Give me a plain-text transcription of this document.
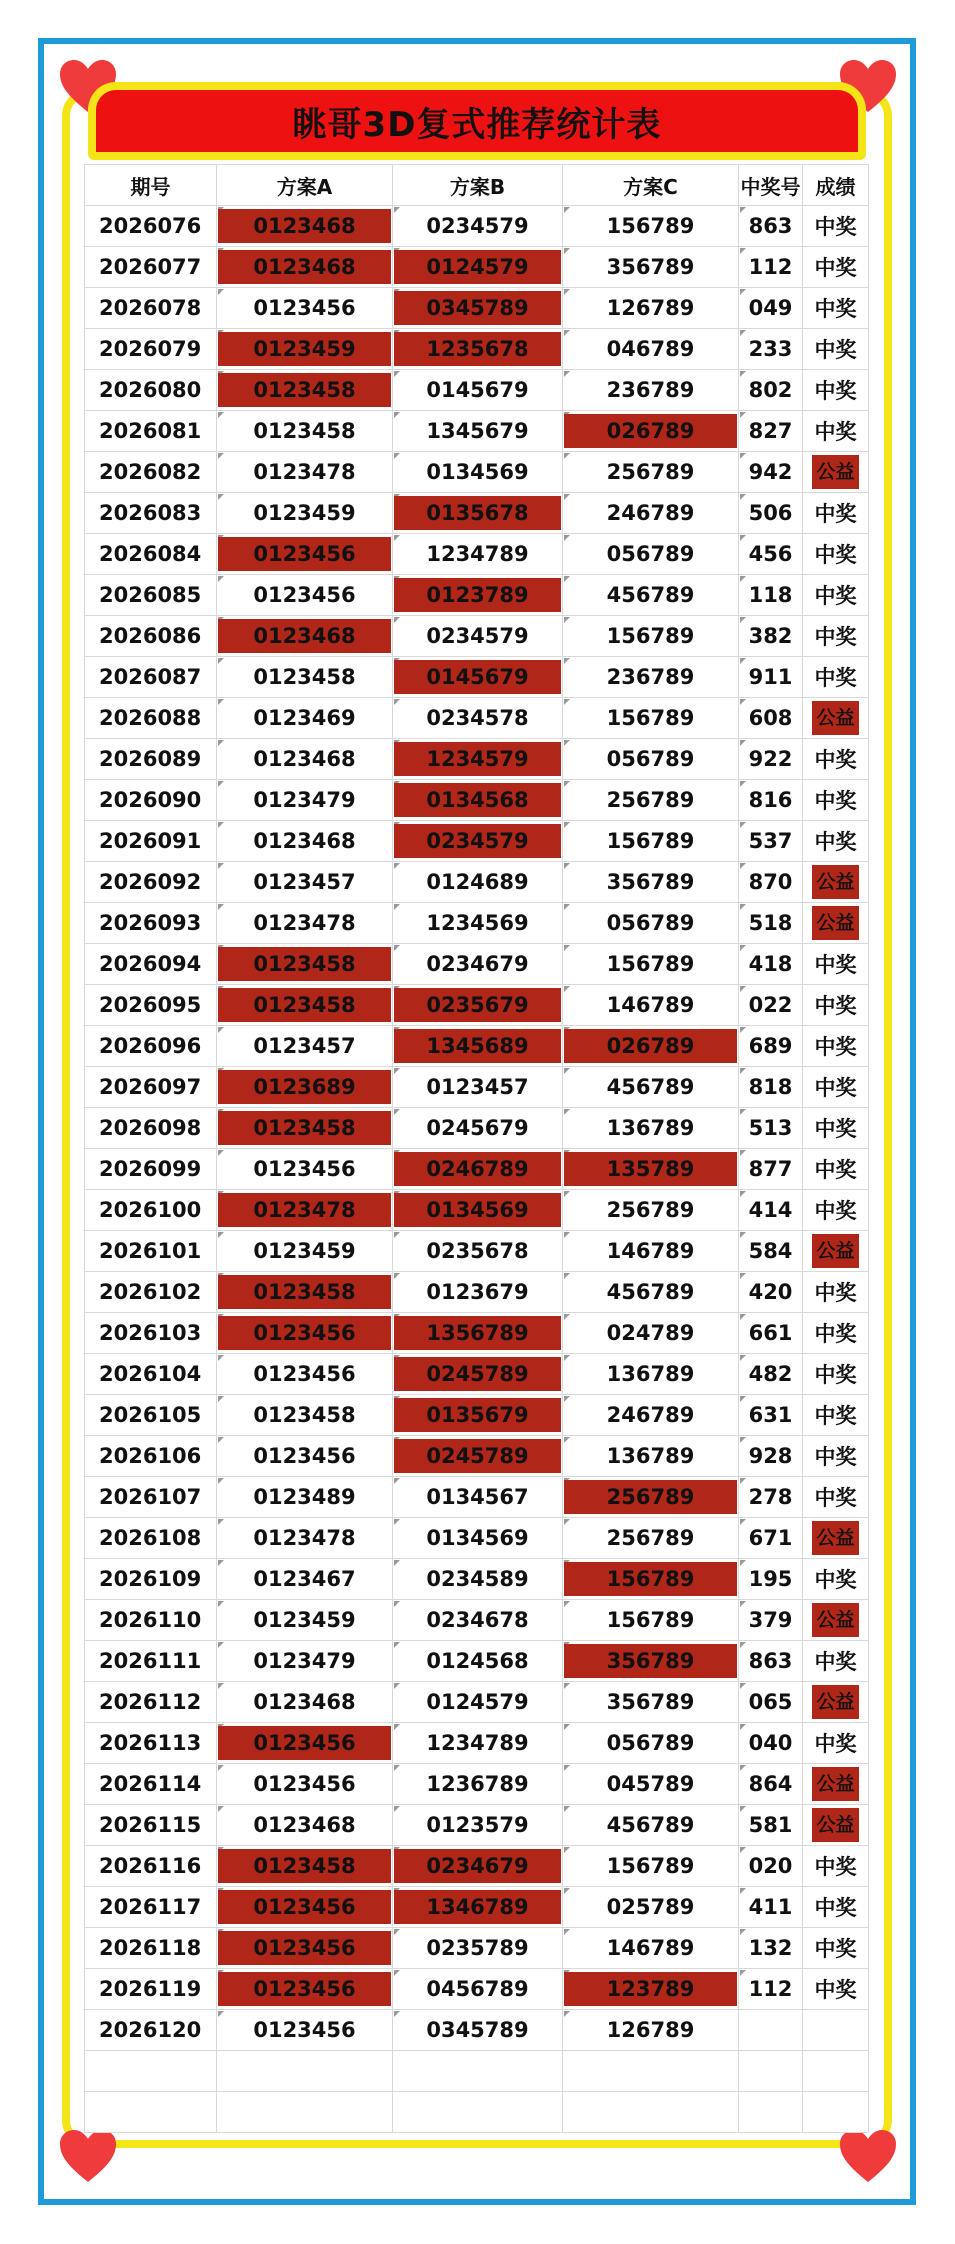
眺哥3D复式推荐统计表
期号	方案A	方案B	方案C	中奖号	成绩
2026076	0123468	0234579	156789	863	中奖
2026077	0123468	0124579	356789	112	中奖
2026078	0123456	0345789	126789	049	中奖
2026079	0123459	1235678	046789	233	中奖
2026080	0123458	0145679	236789	802	中奖
2026081	0123458	1345679	026789	827	中奖
2026082	0123478	0134569	256789	942	公益
2026083	0123459	0135678	246789	506	中奖
2026084	0123456	1234789	056789	456	中奖
2026085	0123456	0123789	456789	118	中奖
2026086	0123468	0234579	156789	382	中奖
2026087	0123458	0145679	236789	911	中奖
2026088	0123469	0234578	156789	608	公益
2026089	0123468	1234579	056789	922	中奖
2026090	0123479	0134568	256789	816	中奖
2026091	0123468	0234579	156789	537	中奖
2026092	0123457	0124689	356789	870	公益
2026093	0123478	1234569	056789	518	公益
2026094	0123458	0234679	156789	418	中奖
2026095	0123458	0235679	146789	022	中奖
2026096	0123457	1345689	026789	689	中奖
2026097	0123689	0123457	456789	818	中奖
2026098	0123458	0245679	136789	513	中奖
2026099	0123456	0246789	135789	877	中奖
2026100	0123478	0134569	256789	414	中奖
2026101	0123459	0235678	146789	584	公益
2026102	0123458	0123679	456789	420	中奖
2026103	0123456	1356789	024789	661	中奖
2026104	0123456	0245789	136789	482	中奖
2026105	0123458	0135679	246789	631	中奖
2026106	0123456	0245789	136789	928	中奖
2026107	0123489	0134567	256789	278	中奖
2026108	0123478	0134569	256789	671	公益
2026109	0123467	0234589	156789	195	中奖
2026110	0123459	0234678	156789	379	公益
2026111	0123479	0124568	356789	863	中奖
2026112	0123468	0124579	356789	065	公益
2026113	0123456	1234789	056789	040	中奖
2026114	0123456	1236789	045789	864	公益
2026115	0123468	0123579	456789	581	公益
2026116	0123458	0234679	156789	020	中奖
2026117	0123456	1346789	025789	411	中奖
2026118	0123456	0235789	146789	132	中奖
2026119	0123456	0456789	123789	112	中奖
2026120	0123456	0345789	126789		
